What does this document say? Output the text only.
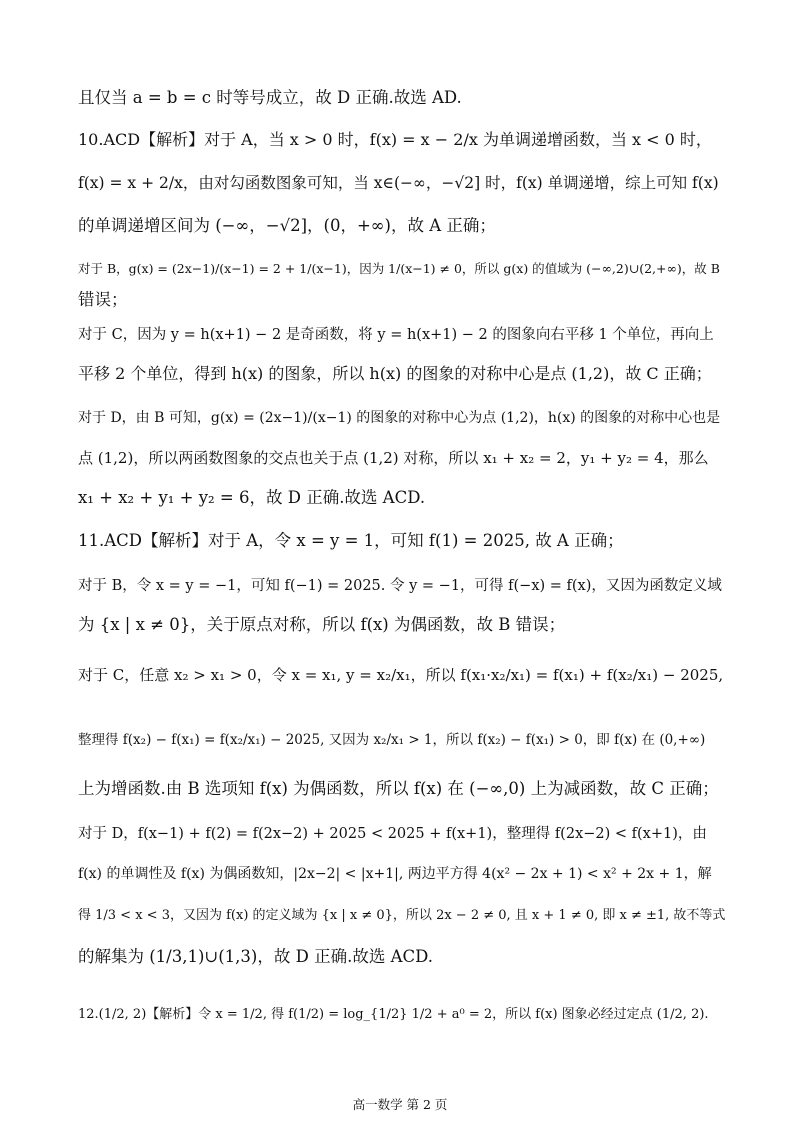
且仅当 a = b = c 时等号成立，故 D 正确.故选 AD.
10.ACD【解析】对于 A，当 x > 0 时，f(x) = x − 2/x 为单调递增函数，当 x < 0 时，
f(x) = x + 2/x，由对勾函数图象可知，当 x∈(−∞，−√2] 时，f(x) 单调递增，综上可知 f(x)
的单调递增区间为 (−∞，−√2]，(0，+∞)，故 A 正确；
对于 B，g(x) = (2x−1)/(x−1) = 2 + 1/(x−1)，因为 1/(x−1) ≠ 0，所以 g(x) 的值域为 (−∞,2)∪(2,+∞)，故 B
错误；
对于 C，因为 y = h(x+1) − 2 是奇函数，将 y = h(x+1) − 2 的图象向右平移 1 个单位，再向上
平移 2 个单位，得到 h(x) 的图象，所以 h(x) 的图象的对称中心是点 (1,2)，故 C 正确；
对于 D，由 B 可知，g(x) = (2x−1)/(x−1) 的图象的对称中心为点 (1,2)，h(x) 的图象的对称中心也是
点 (1,2)，所以两函数图象的交点也关于点 (1,2) 对称，所以 x₁ + x₂ = 2，y₁ + y₂ = 4，那么
x₁ + x₂ + y₁ + y₂ = 6，故 D 正确.故选 ACD.
11.ACD【解析】对于 A，令 x = y = 1，可知 f(1) = 2025, 故 A 正确；
对于 B，令 x = y = −1，可知 f(−1) = 2025. 令 y = −1，可得 f(−x) = f(x)，又因为函数定义域
为 {x | x ≠ 0}，关于原点对称，所以 f(x) 为偶函数，故 B 错误；
对于 C，任意 x₂ > x₁ > 0，令 x = x₁, y = x₂/x₁，所以 f(x₁·x₂/x₁) = f(x₁) + f(x₂/x₁) − 2025,
整理得 f(x₂) − f(x₁) = f(x₂/x₁) − 2025, 又因为 x₂/x₁ > 1，所以 f(x₂) − f(x₁) > 0，即 f(x) 在 (0,+∞)
上为增函数.由 B 选项知 f(x) 为偶函数，所以 f(x) 在 (−∞,0) 上为减函数，故 C 正确；
对于 D，f(x−1) + f(2) = f(2x−2) + 2025 < 2025 + f(x+1)，整理得 f(2x−2) < f(x+1)，由
f(x) 的单调性及 f(x) 为偶函数知，|2x−2| < |x+1|, 两边平方得 4(x² − 2x + 1) < x² + 2x + 1，解
得 1/3 < x < 3，又因为 f(x) 的定义域为 {x | x ≠ 0}，所以 2x − 2 ≠ 0, 且 x + 1 ≠ 0, 即 x ≠ ±1, 故不等式
的解集为 (1/3,1)∪(1,3)，故 D 正确.故选 ACD.
12.(1/2, 2)【解析】令 x = 1/2, 得 f(1/2) = log_{1/2} 1/2 + a⁰ = 2，所以 f(x) 图象必经过定点 (1/2, 2).
高一数学 第 2 页
